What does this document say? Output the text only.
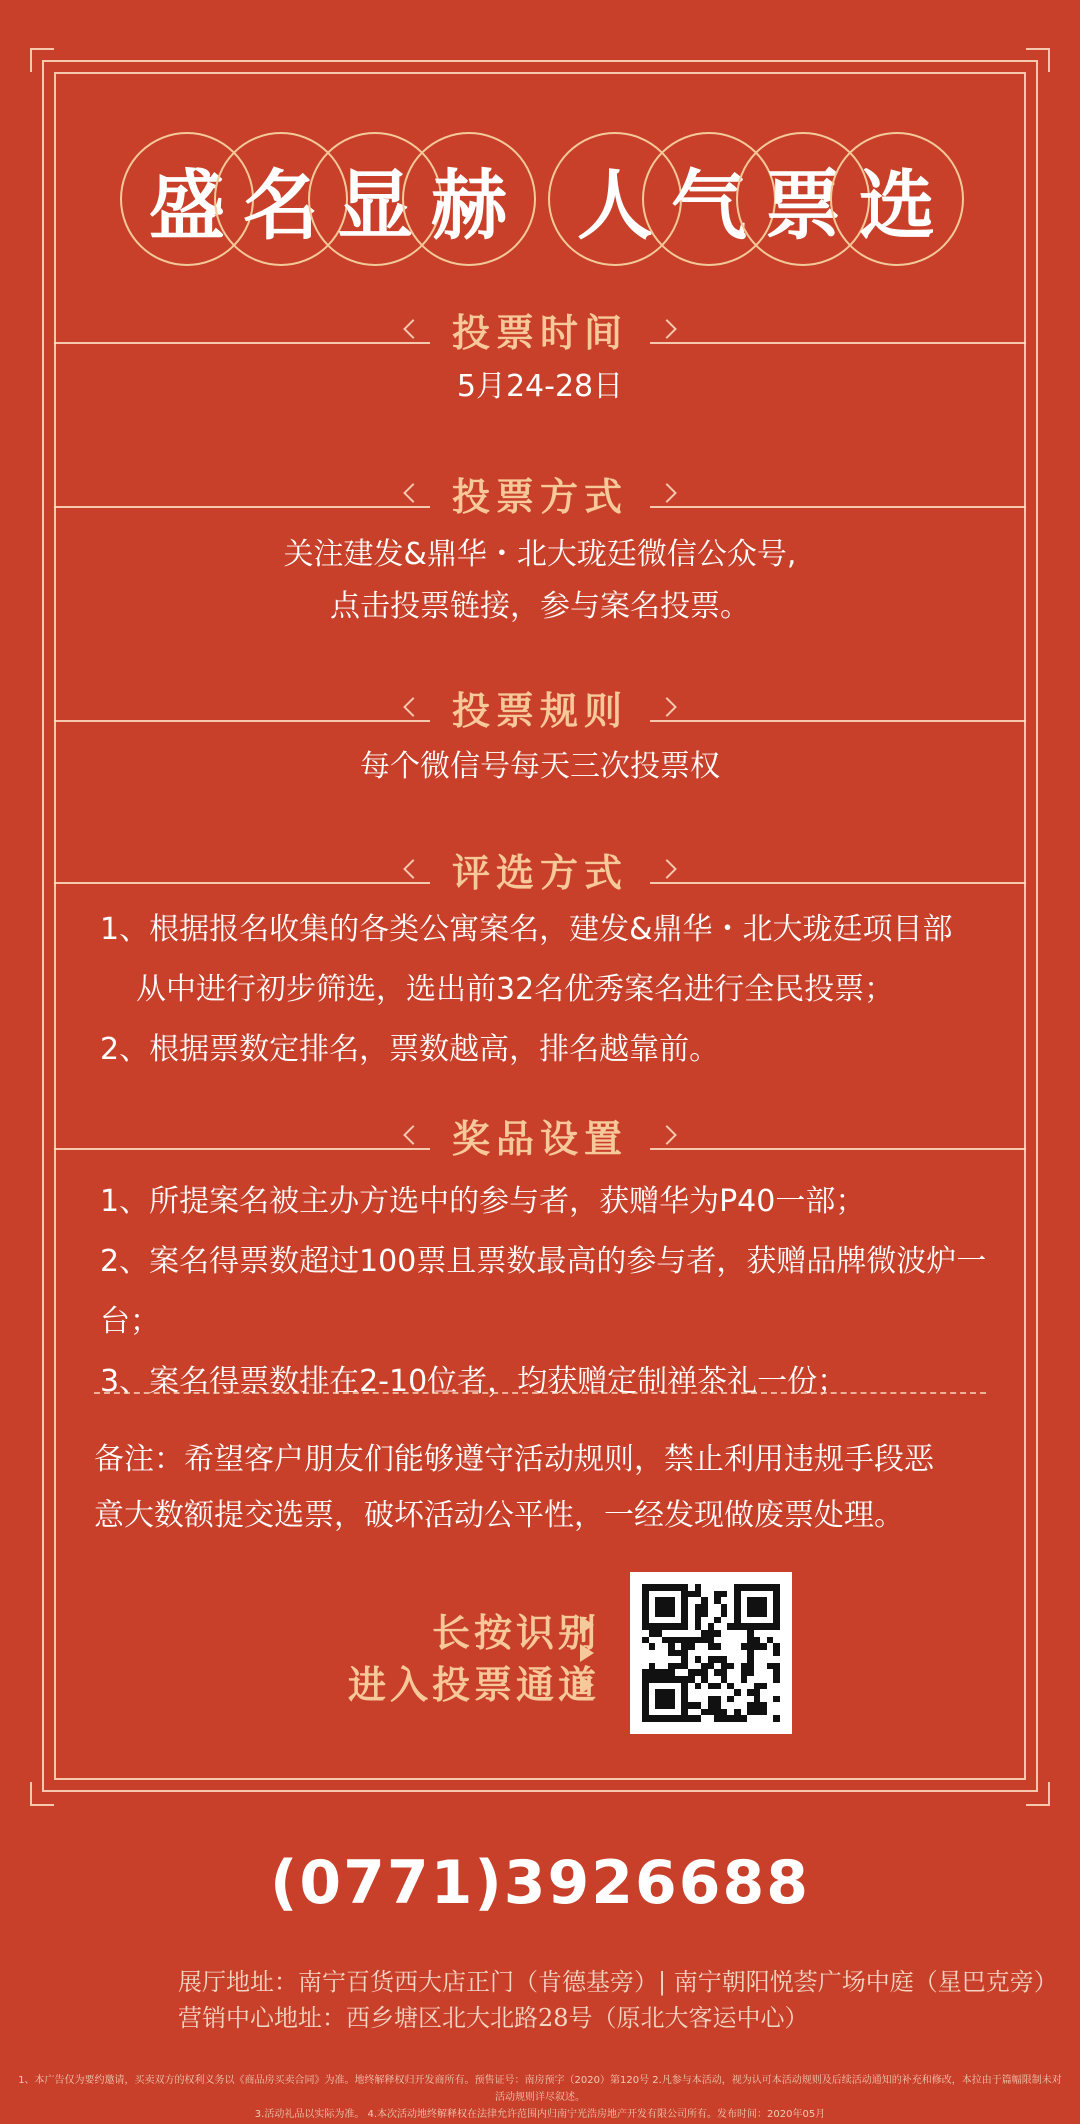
盛 名 显 赫 人 气 票 选
投票时间
5月24-28日
投票方式
关注建发&鼎华・北大珑廷微信公众号,
点击投票链接，参与案名投票。
投票规则
每个微信号每天三次投票权
评选方式
1、根据报名收集的各类公寓案名，建发&鼎华・北大珑廷项目部
从中进行初步筛选，选出前32名优秀案名进行全民投票；
2、根据票数定排名，票数越高，排名越靠前。
奖品设置
1、所提案名被主办方选中的参与者，获赠华为P40一部；
2、案名得票数超过100票且票数最高的参与者，获赠品牌微波炉一台；
3、案名得票数排在2-10位者，均获赠定制禅茶礼一份；
备注：希望客户朋友们能够遵守活动规则，禁止利用违规手段恶
意大数额提交选票，破坏活动公平性，一经发现做废票处理。
长按识别
进入投票通道
(0771)3926688
展厅地址：南宁百货西大店正门（肯德基旁）| 南宁朝阳悦荟广场中庭（星巴克旁）
营销中心地址：西乡塘区北大北路28号（原北大客运中心）
1、本广告仅为要约邀请，买卖双方的权利义务以《商品房买卖合同》为准。地终解释权归开发商所有。预售证号：南房预字（2020）第120号 2.凡参与本活动，视为认可本活动规则及后续活动通知的补充和修改，本拉由于篇幅限制未对活动规则详尽叙述。
3.活动礼品以实际为准。 4.本次活动地终解释权在法律允许范围内归南宁光浩房地产开发有限公司所有。发布时间：2020年05月
